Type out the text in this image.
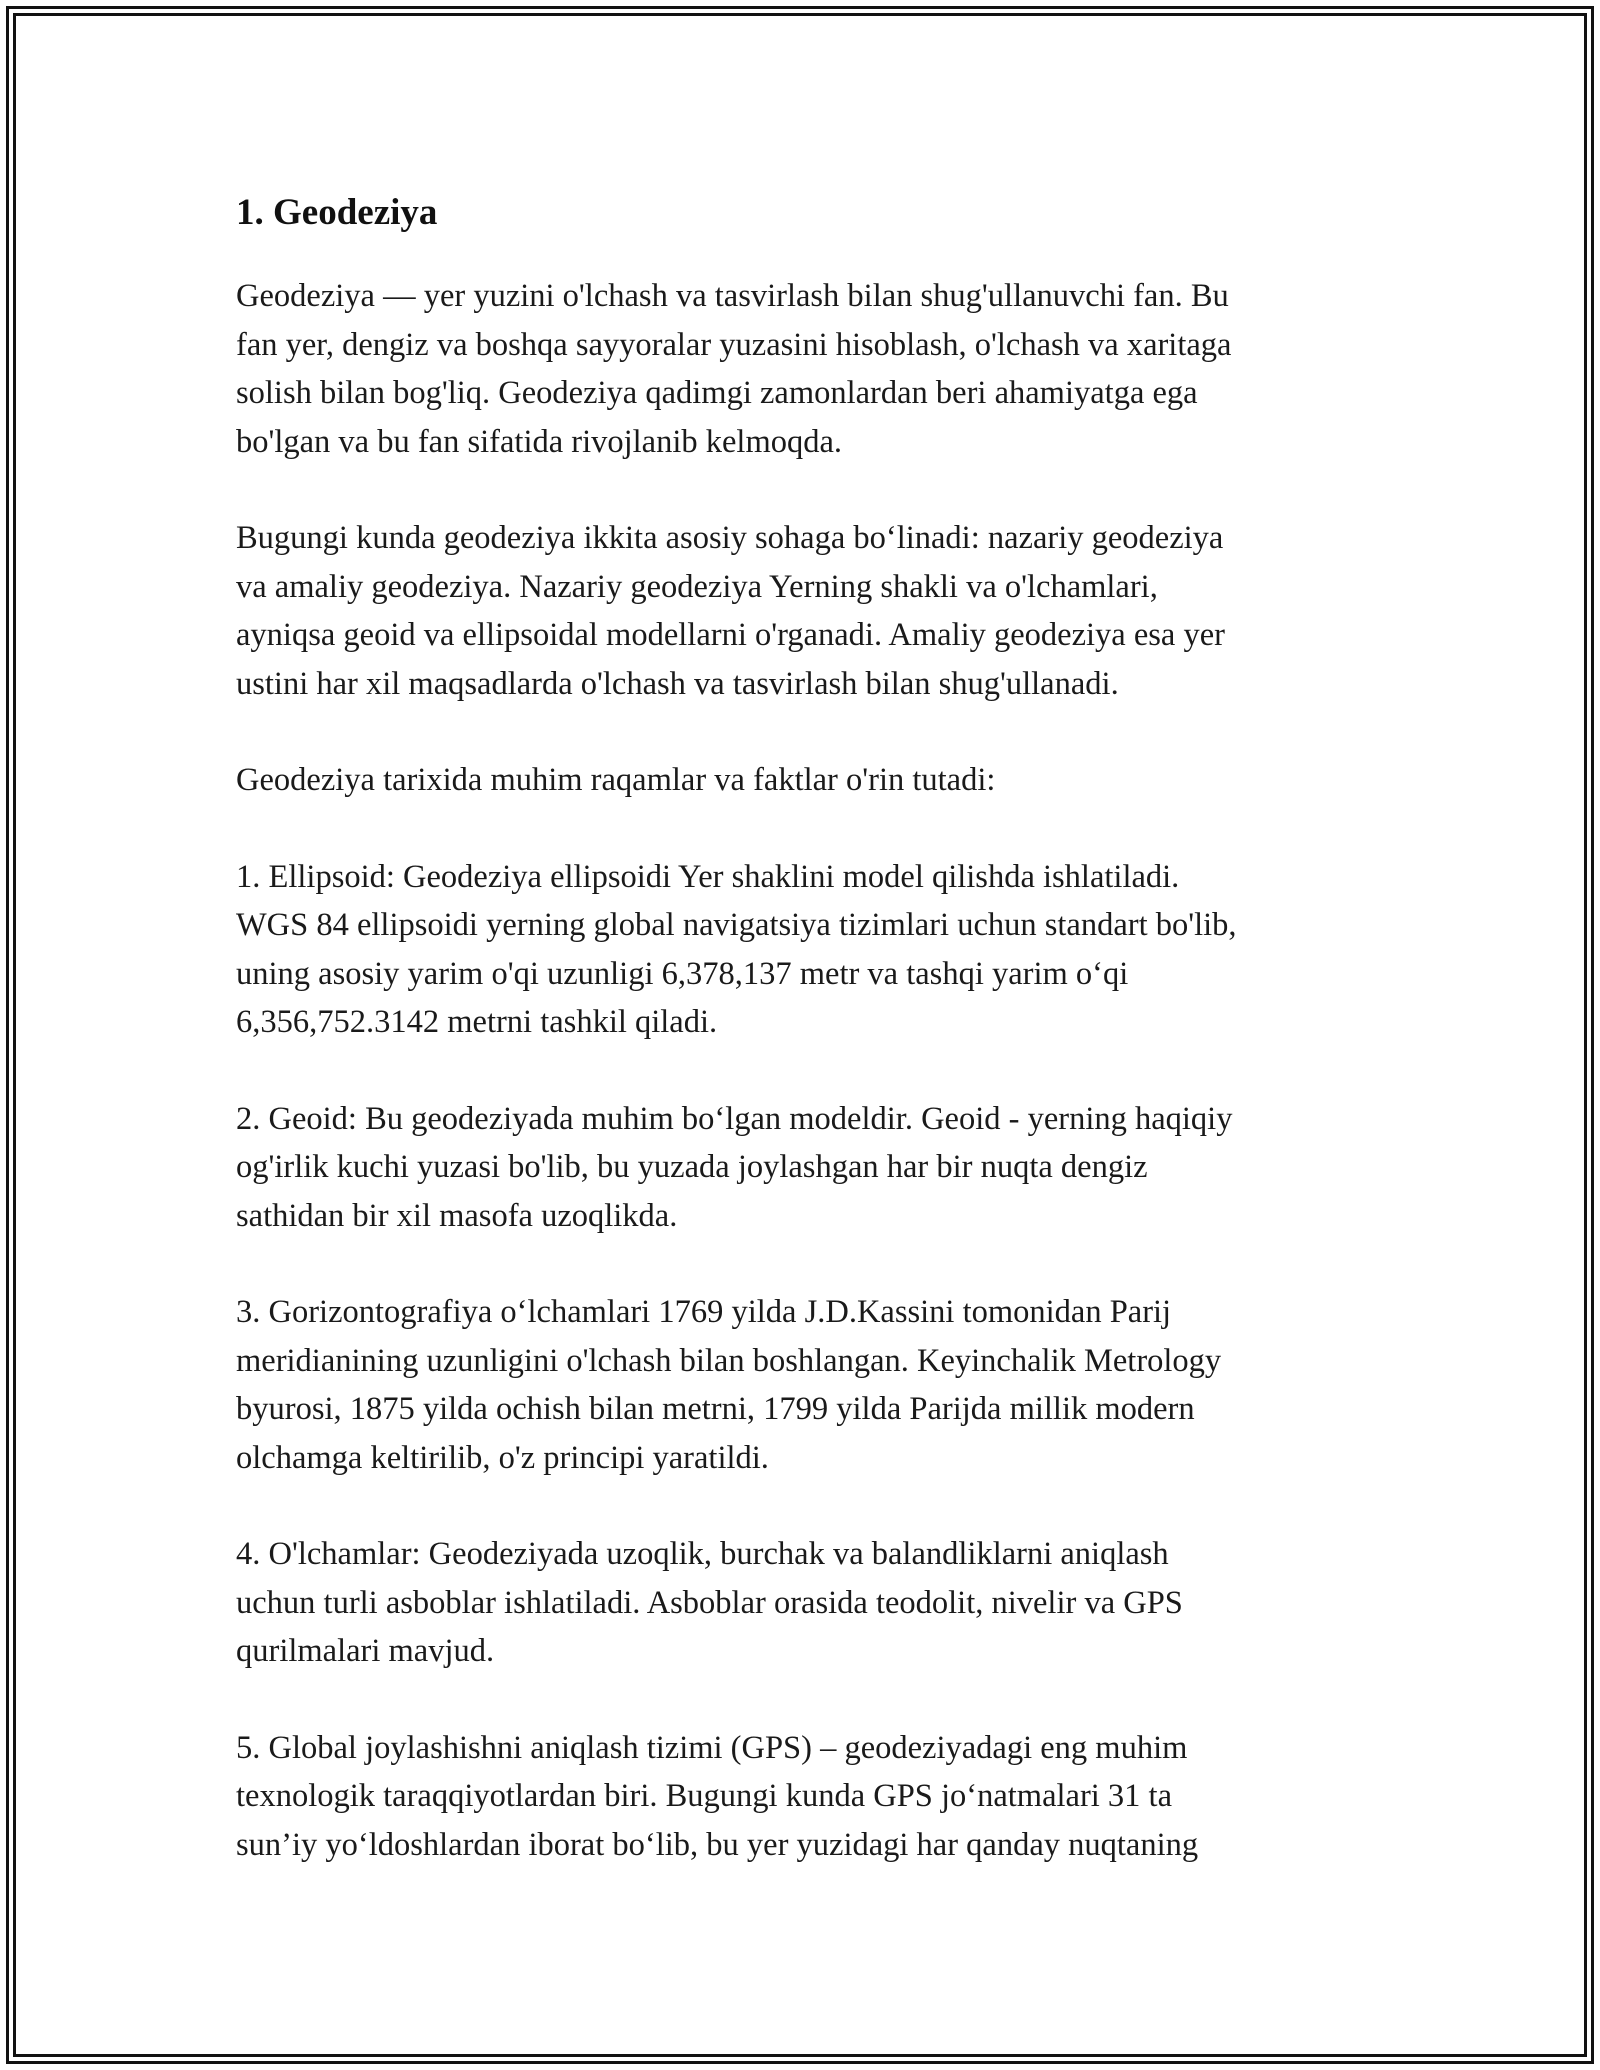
1. Geodeziya

Geodeziya — yer yuzini o'lchash va tasvirlash bilan shug'ullanuvchi fan. Bu
fan yer, dengiz va boshqa sayyoralar yuzasini hisoblash, o'lchash va xaritaga
solish bilan bog'liq. Geodeziya qadimgi zamonlardan beri ahamiyatga ega
bo'lgan va bu fan sifatida rivojlanib kelmoqda.

Bugungi kunda geodeziya ikkita asosiy sohaga bo‘linadi: nazariy geodeziya
va amaliy geodeziya. Nazariy geodeziya Yerning shakli va o'lchamlari,
ayniqsa geoid va ellipsoidal modellarni o'rganadi. Amaliy geodeziya esa yer
ustini har xil maqsadlarda o'lchash va tasvirlash bilan shug'ullanadi.

Geodeziya tarixida muhim raqamlar va faktlar o'rin tutadi:

1. Ellipsoid: Geodeziya ellipsoidi Yer shaklini model qilishda ishlatiladi.
WGS 84 ellipsoidi yerning global navigatsiya tizimlari uchun standart bo'lib,
uning asosiy yarim o'qi uzunligi 6,378,137 metr va tashqi yarim o‘qi
6,356,752.3142 metrni tashkil qiladi.

2. Geoid: Bu geodeziyada muhim bo‘lgan modeldir. Geoid - yerning haqiqiy
og'irlik kuchi yuzasi bo'lib, bu yuzada joylashgan har bir nuqta dengiz
sathidan bir xil masofa uzoqlikda.

3. Gorizontografiya o‘lchamlari 1769 yilda J.D.Kassini tomonidan Parij
meridianining uzunligini o'lchash bilan boshlangan. Keyinchalik Metrology
byurosi, 1875 yilda ochish bilan metrni, 1799 yilda Parijda millik modern
olchamga keltirilib, o'z principi yaratildi.

4. O'lchamlar: Geodeziyada uzoqlik, burchak va balandliklarni aniqlash
uchun turli asboblar ishlatiladi. Asboblar orasida teodolit, nivelir va GPS
qurilmalari mavjud.

5. Global joylashishni aniqlash tizimi (GPS) – geodeziyadagi eng muhim
texnologik taraqqiyotlardan biri. Bugungi kunda GPS jo‘natmalari 31 ta
sun’iy yo‘ldoshlardan iborat bo‘lib, bu yer yuzidagi har qanday nuqtaning
